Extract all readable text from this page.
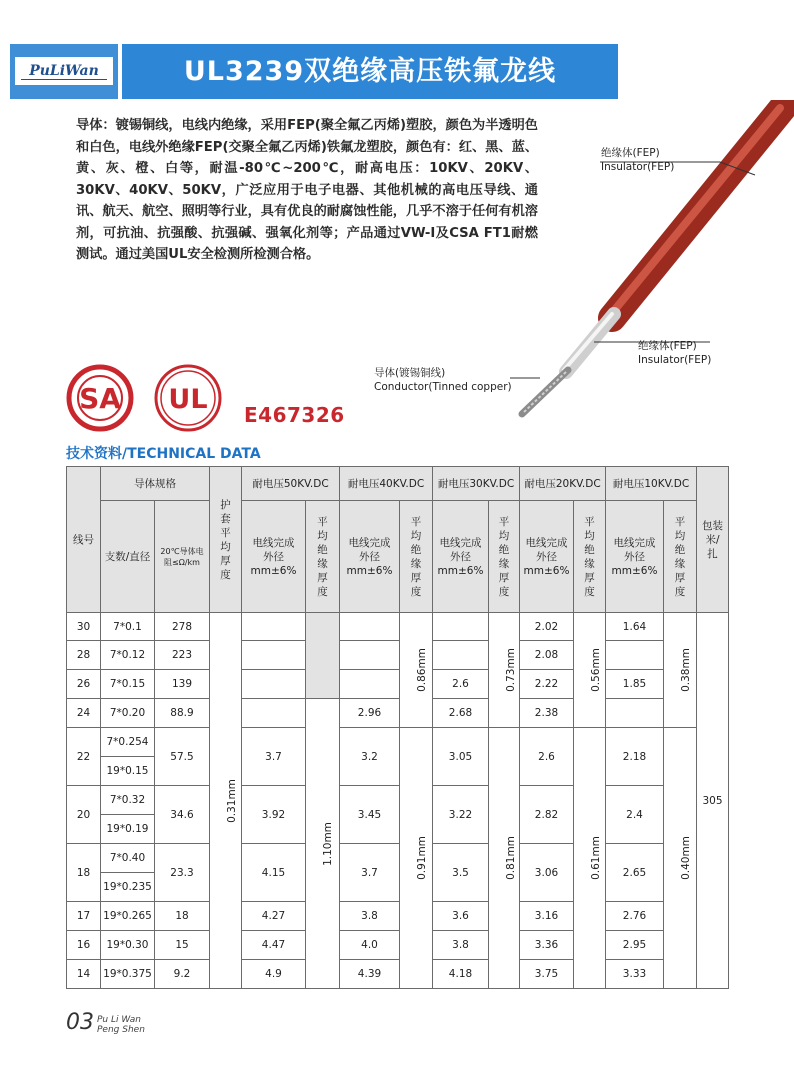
PuLiWan	UL3239双绝缘高压铁氟龙线
导体：镀锡铜线，电线内绝缘，采用FEP(聚全氟乙丙烯)塑胶，颜色为半透明色和白色，电线外绝缘FEP(交聚全氟乙丙烯)铁氟龙塑胶，颜色有：红、黑、蓝、黄、灰、橙、白等，耐温-80℃~200℃，耐高电压：10KV、20KV、30KV、40KV、50KV，广泛应用于电子电器、其他机械的高电压导线、通讯、航天、航空、照明等行业，具有优良的耐腐蚀性能，几乎不溶于任何有机溶剂，可抗油、抗强酸、抗强碱、强氧化剂等；产品通过VW-I及CSA FT1耐燃测试。通过美国UL安全检测所检测合格。
绝缘体(FEP)
Insulator(FEP)
绝缘体(FEP)
Insulator(FEP)
导体(镀锡铜线)
Conductor(Tinned copper)
SA UL E467326
技术资料/TECHNICAL DATA
线号	导体规格		护套平均厚度	耐电压50KV.DC		耐电压40KV.DC		耐电压30KV.DC		耐电压20KV.DC		耐电压10KV.DC		包装米/扎
	支数/直径	20℃导体电阻≤Ω/km		电线完成外径mm±6%	平均绝缘厚度	电线完成外径mm±6%	平均绝缘厚度	电线完成外径mm±6%	平均绝缘厚度	电线完成外径mm±6%	平均绝缘厚度	电线完成外径mm±6%	平均绝缘厚度	
30	7*0.1	278	0.31mm				0.86mm		0.73mm	2.02	0.56mm	1.64	0.38mm	305
28	7*0.12	223								2.08				
26	7*0.15	139						2.6		2.22		1.85		
24	7*0.20	88.9			1.10mm	2.96		2.68		2.38				
22	7*0.254	57.5		3.7		3.2	0.91mm	3.05	0.81mm	2.6	0.61mm	2.18	0.40mm	
	19*0.15													
20	7*0.32	34.6		3.92		3.45		3.22		2.82		2.4		
	19*0.19													
18	7*0.40	23.3		4.15		3.7		3.5		3.06		2.65		
	19*0.235													
17	19*0.265	18		4.27		3.8		3.6		3.16		2.76		
16	19*0.30	15		4.47		4.0		3.8		3.36		2.95		
14	19*0.375	9.2		4.9		4.39		4.18		3.75		3.33		
03 Pu Li Wan
Peng Shen
